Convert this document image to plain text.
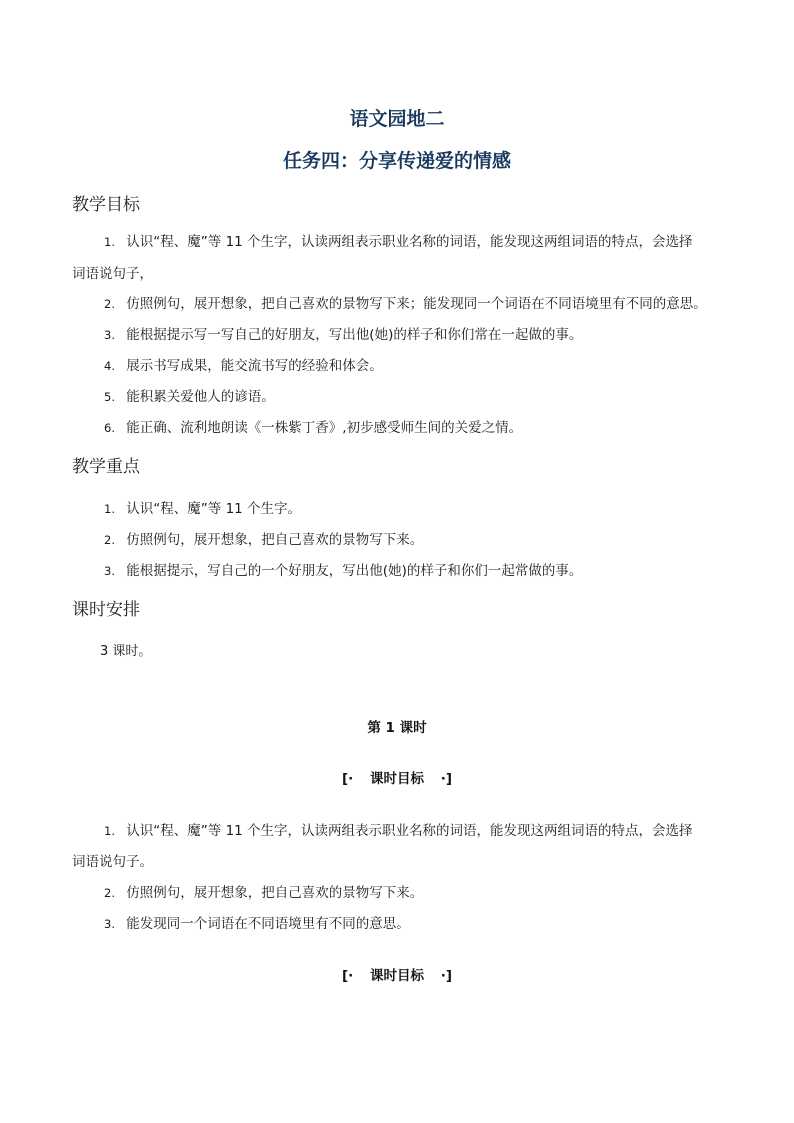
语文园地二
任务四：分享传递爱的情感
教学目标
1. 认识“程、魔”等 11 个生字，认读两组表示职业名称的词语，能发现这两组词语的特点，会选择
词语说句子，
2. 仿照例句，展开想象，把自己喜欢的景物写下来；能发现同一个词语在不同语境里有不同的意思。
3. 能根据提示写一写自己的好朋友，写出他(她)的样子和你们常在一起做的事。
4. 展示书写成果，能交流书写的经验和体会。
5. 能积累关爱他人的谚语。
6. 能正确、流利地朗读《一株紫丁香》,初步感受师生间的关爱之情。
教学重点
1. 认识“程、魔”等 11 个生字。
2. 仿照例句，展开想象，把自己喜欢的景物写下来。
3. 能根据提示，写自己的一个好朋友，写出他(她)的样子和你们一起常做的事。
课时安排
3 课时。
第 1 课时
[· 课时目标 ·]
1. 认识“程、魔”等 11 个生字，认读两组表示职业名称的词语，能发现这两组词语的特点，会选择
词语说句子。
2. 仿照例句，展开想象，把自己喜欢的景物写下来。
3. 能发现同一个词语在不同语境里有不同的意思。
[· 课时目标 ·]
